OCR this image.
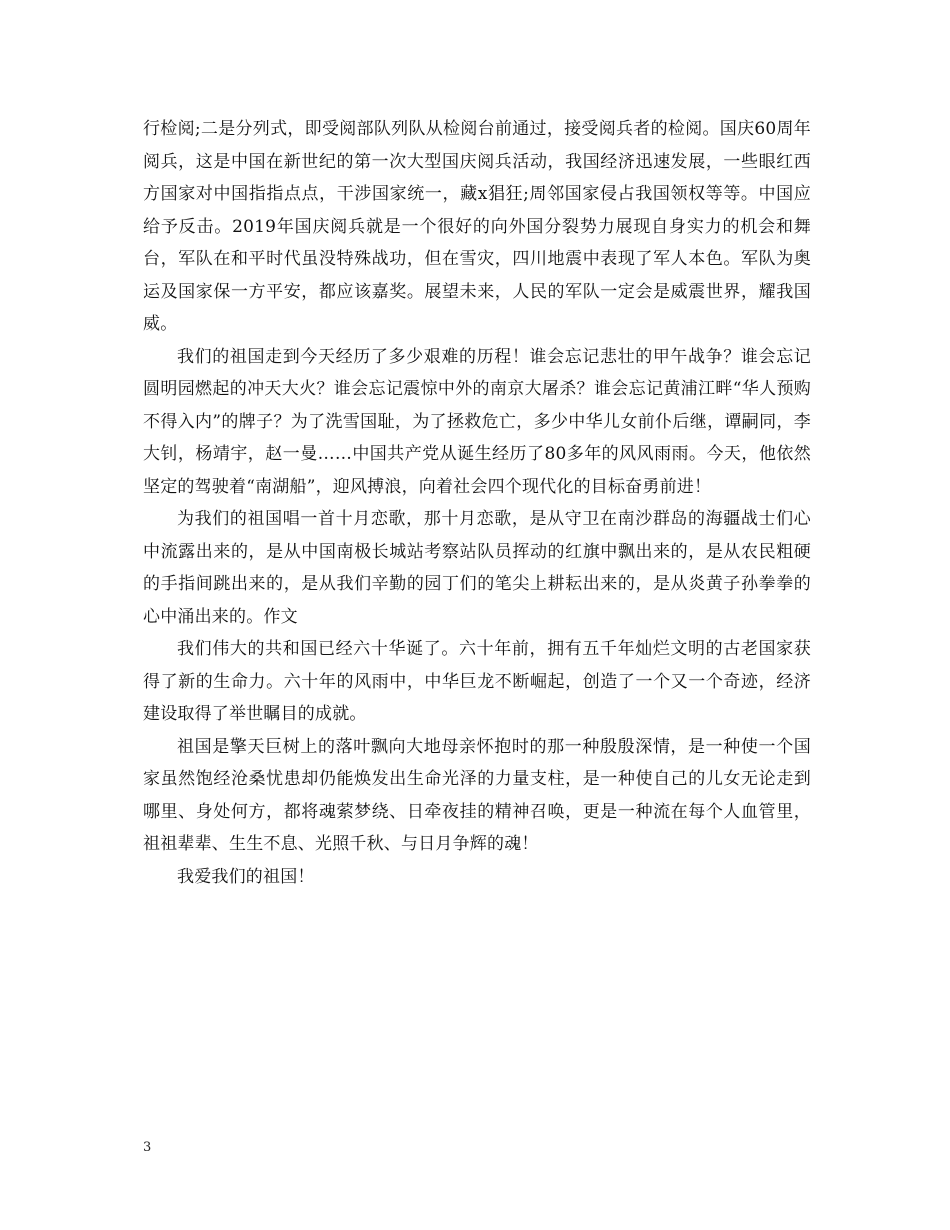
行检阅;二是分列式，即受阅部队列队从检阅台前通过，接受阅兵者的检阅。国庆60周年阅兵，这是中国在新世纪的第一次大型国庆阅兵活动，我国经济迅速发展，一些眼红西方国家对中国指指点点，干涉国家统一，藏x猖狂;周邻国家侵占我国领权等等。中国应给予反击。2019年国庆阅兵就是一个很好的向外国分裂势力展现自身实力的机会和舞台，军队在和平时代虽没特殊战功，但在雪灾，四川地震中表现了军人本色。军队为奥运及国家保一方平安，都应该嘉奖。展望未来，人民的军队一定会是威震世界，耀我国威。

我们的祖国走到今天经历了多少艰难的历程！谁会忘记悲壮的甲午战争？谁会忘记圆明园燃起的冲天大火？谁会忘记震惊中外的南京大屠杀？谁会忘记黄浦江畔“华人预购不得入内”的牌子？为了洗雪国耻，为了拯救危亡，多少中华儿女前仆后继，谭嗣同，李大钊，杨靖宇，赵一曼……中国共产党从诞生经历了80多年的风风雨雨。今天，他依然坚定的驾驶着“南湖船”，迎风搏浪，向着社会四个现代化的目标奋勇前进！

为我们的祖国唱一首十月恋歌，那十月恋歌，是从守卫在南沙群岛的海疆战士们心中流露出来的，是从中国南极长城站考察站队员挥动的红旗中飘出来的，是从农民粗硬的手指间跳出来的，是从我们辛勤的园丁们的笔尖上耕耘出来的，是从炎黄子孙拳拳的心中涌出来的。作文

我们伟大的共和国已经六十华诞了。六十年前，拥有五千年灿烂文明的古老国家获得了新的生命力。六十年的风雨中，中华巨龙不断崛起，创造了一个又一个奇迹，经济建设取得了举世瞩目的成就。

祖国是擎天巨树上的落叶飘向大地母亲怀抱时的那一种殷殷深情，是一种使一个国家虽然饱经沧桑忧患却仍能焕发出生命光泽的力量支柱，是一种使自己的儿女无论走到哪里、身处何方，都将魂萦梦绕、日牵夜挂的精神召唤，更是一种流在每个人血管里，祖祖辈辈、生生不息、光照千秋、与日月争辉的魂！

我爱我们的祖国！

3
